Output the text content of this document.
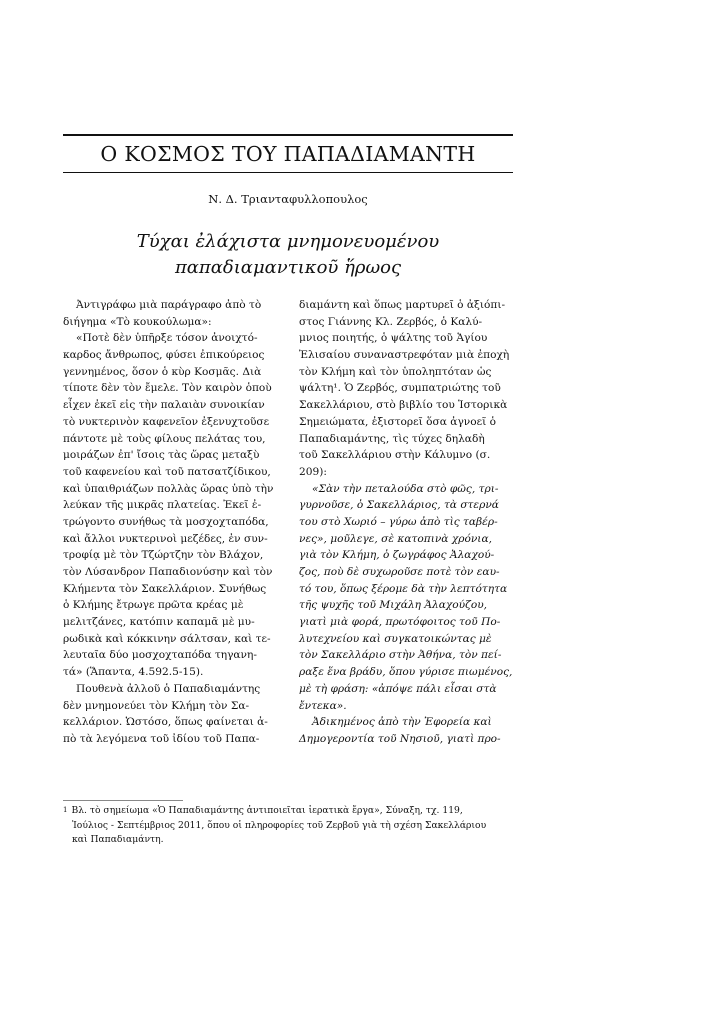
Ο ΚΟΣΜΟΣ ΤΟΥ ΠΑΠΑΔΙΑΜΑΝΤΗ
Ν. Δ. Τριανταφυλλοπουλος
Τύχαι ἐλάχιστα μνημονευομένου
παπαδιαμαντικοῦ ἥρωος
Ἀντιγράφω μιὰ παράγραφο ἀπὸ τὸ
διήγημα «Τὸ κουκούλωμα»:
«Ποτὲ δὲν ὑπῆρξε τόσον ἀνοιχτό-
καρδος ἄνθρωπος, φύσει ἐπικούρειος
γεννημένος, ὅσον ὁ κὺρ Κοσμᾶς. Διὰ
τίποτε δὲν τὸν ἔμελε. Τὸν καιρὸν ὁποὺ
εἶχεν ἐκεῖ εἰς τὴν παλαιὰν συνοικίαν
τὸ νυκτερινὸν καφενεῖον ἐξενυχτοῦσε
πάντοτε μὲ τοὺς φίλους πελάτας του,
μοιράζων ἐπ' ἴσοις τὰς ὥρας μεταξὺ
τοῦ καφενείου καὶ τοῦ πατσατζίδικου,
καὶ ὑπαιθριάζων πολλὰς ὥρας ὑπὸ τὴν
λεύκαν τῆς μικρᾶς πλατείας. Ἐκεῖ ἐ-
τρώγοντο συνήθως τὰ μοσχοχταπόδα,
καὶ ἄλλοι νυκτερινοὶ μεζέδες, ἐν συν-
τροφίᾳ μὲ τὸν Τζώρτζην τὸν Βλάχον,
τὸν Λύσανδρον Παπαδιονύσην καὶ τὸν
Κλήμεντα τὸν Σακελλάριον. Συνήθως
ὁ Κλήμης ἔτρωγε πρῶτα κρέας μὲ
μελιτζάνες, κατόπιν καπαμᾶ μὲ μυ-
ρωδικὰ καὶ κόκκινην σάλτσαν, καὶ τε-
λευταῖα δύο μοσχοχταπόδα τηγανη-
τά» (Ἅπαντα, 4.592.5-15).
Πουθενὰ ἀλλοῦ ὁ Παπαδιαμάντης
δὲν μνημονεύει τὸν Κλήμη τὸν Σα-
κελλάριον. Ὡστόσο, ὅπως φαίνεται ἀ-
πὸ τὰ λεγόμενα τοῦ ἰδίου τοῦ Παπα-
διαμάντη καὶ ὅπως μαρτυρεῖ ὁ ἀξιόπι-
στος Γιάννης Κλ. Ζερβός, ὁ Καλύ-
μνιος ποιητής, ὁ ψάλτης τοῦ Ἁγίου
Ἐλισαίου συναναστρεφόταν μιὰ ἐποχὴ
τὸν Κλήμη καὶ τὸν ὑποληπτόταν ὡς
ψάλτη¹. Ὁ Ζερβός, συμπατριώτης τοῦ
Σακελλάριου, στὸ βιβλίο του Ἱστορικὰ
Σημειώματα, ἐξιστορεῖ ὅσα ἀγνοεῖ ὁ
Παπαδιαμάντης, τὶς τύχες δηλαδὴ
τοῦ Σακελλάριου στὴν Κάλυμνο (σ.
209):
«Σὰν τὴν πεταλούδα στὸ φῶς, τρι-
γυρνοῦσε, ὁ Σακελλάριος, τὰ στερνά
του στὸ Χωριό – γύρω ἀπὸ τὶς ταβέρ-
νες», μοῦλεγε, σὲ κατοπινὰ χρόνια,
γιὰ τὸν Κλήμη, ὁ ζωγράφος Ἀλαχού-
ζος, ποὺ δὲ συχωροῦσε ποτὲ τὸν εαυ-
τό του, ὅπως ξέρομε δὰ τὴν λεπτότητα
τῆς ψυχῆς τοῦ Μιχάλη Ἀλαχούζου,
γιατὶ μιὰ φορά, πρωτόφοιτος τοῦ Πο-
λυτεχνείου καὶ συγκατοικώντας μὲ
τὸν Σακελλάριο στὴν Ἀθήνα, τὸν πεί-
ραξε ἕνα βράδυ, ὅπου γύρισε πιωμένος,
μὲ τὴ φράση: «ἀπόψε πάλι εἶσαι στὰ
ἔντεκα».
Ἀδικημένος ἀπὸ τὴν Ἐφορεία καὶ
Δημογεροντία τοῦ Νησιοῦ, γιατὶ προ-
$^1$ Βλ. τὸ σημείωμα «Ὁ Παπαδιαμάντης ἀντιποιεῖται ἱερατικὰ ἔργα», Σύναξη, τχ. 119,
Ἰούλιος - Σεπτέμβριος 2011, ὅπου οἱ πληροφορίες τοῦ Ζερβοῦ γιὰ τὴ σχέση Σακελλάριου
καὶ Παπαδιαμάντη.
